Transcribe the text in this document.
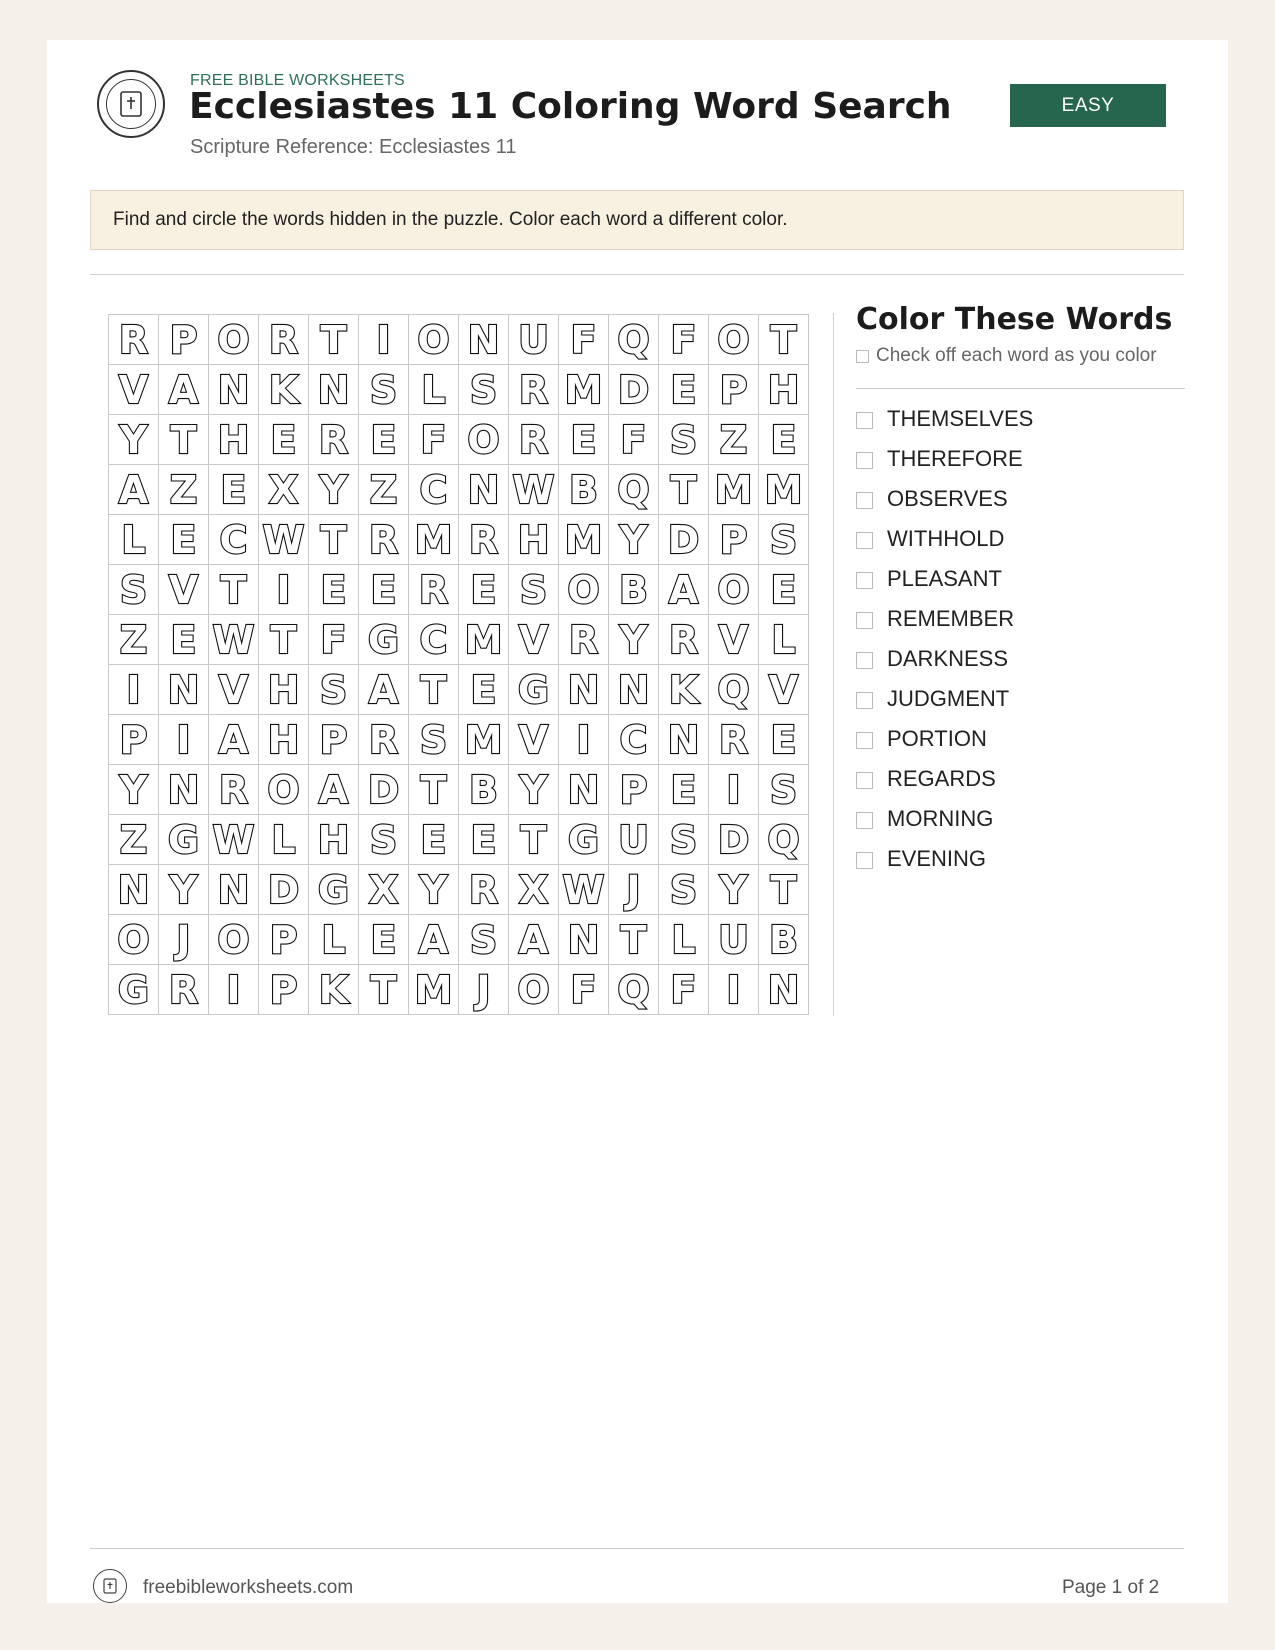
FREE BIBLE WORKSHEETS
Ecclesiastes 11 Coloring Word Search
Scripture Reference: Ecclesiastes 11
EASY
Find and circle the words hidden in the puzzle. Color each word a different color.
R P O R T I O N U F Q F O T
V A N K N S L S R M D E P H
Y T H E R E F O R E F S Z E
A Z E X Y Z C N W B Q T M M
L E C W T R M R H M Y D P S
S V T I E E R E S O B A O E
Z E W T F G C M V R Y R V L
I N V H S A T E G N N K Q V
P I A H P R S M V I C N R E
Y N R O A D T B Y N P E I S
Z G W L H S E E T G U S D Q
N Y N D G X Y R X W J S Y T
O J O P L E A S A N T L U B
G R I P K T M J O F Q F I N
Color These Words
Check off each word as you color
THEMSELVES
THEREFORE
OBSERVES
WITHHOLD
PLEASANT
REMEMBER
DARKNESS
JUDGMENT
PORTION
REGARDS
MORNING
EVENING
freebibleworksheets.com	Page 1 of 2
